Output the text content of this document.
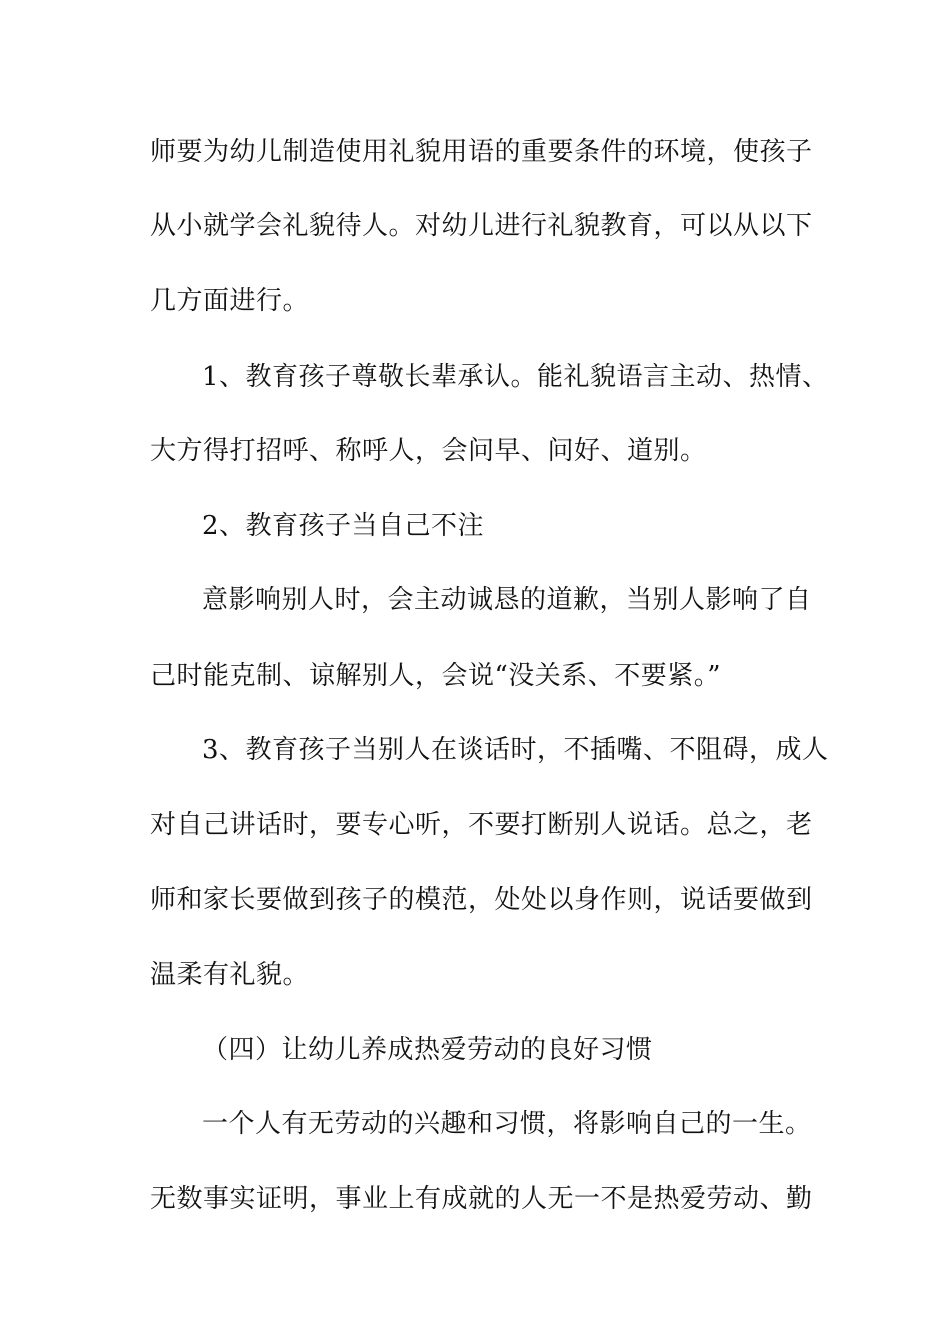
师要为幼儿制造使用礼貌用语的重要条件的环境，使孩子
从小就学会礼貌待人。对幼儿进行礼貌教育，可以从以下
几方面进行。
1、教育孩子尊敬长辈承认。能礼貌语言主动、热情、
大方得打招呼、称呼人，会问早、问好、道别。
2、教育孩子当自己不注
意影响别人时，会主动诚恳的道歉，当别人影响了自
己时能克制、谅解别人，会说“没关系、不要紧。”
3、教育孩子当别人在谈话时，不插嘴、不阻碍，成人
对自己讲话时，要专心听，不要打断别人说话。总之，老
师和家长要做到孩子的模范，处处以身作则，说话要做到
温柔有礼貌。
（四）让幼儿养成热爱劳动的良好习惯
一个人有无劳动的兴趣和习惯，将影响自己的一生。
无数事实证明，事业上有成就的人无一不是热爱劳动、勤
